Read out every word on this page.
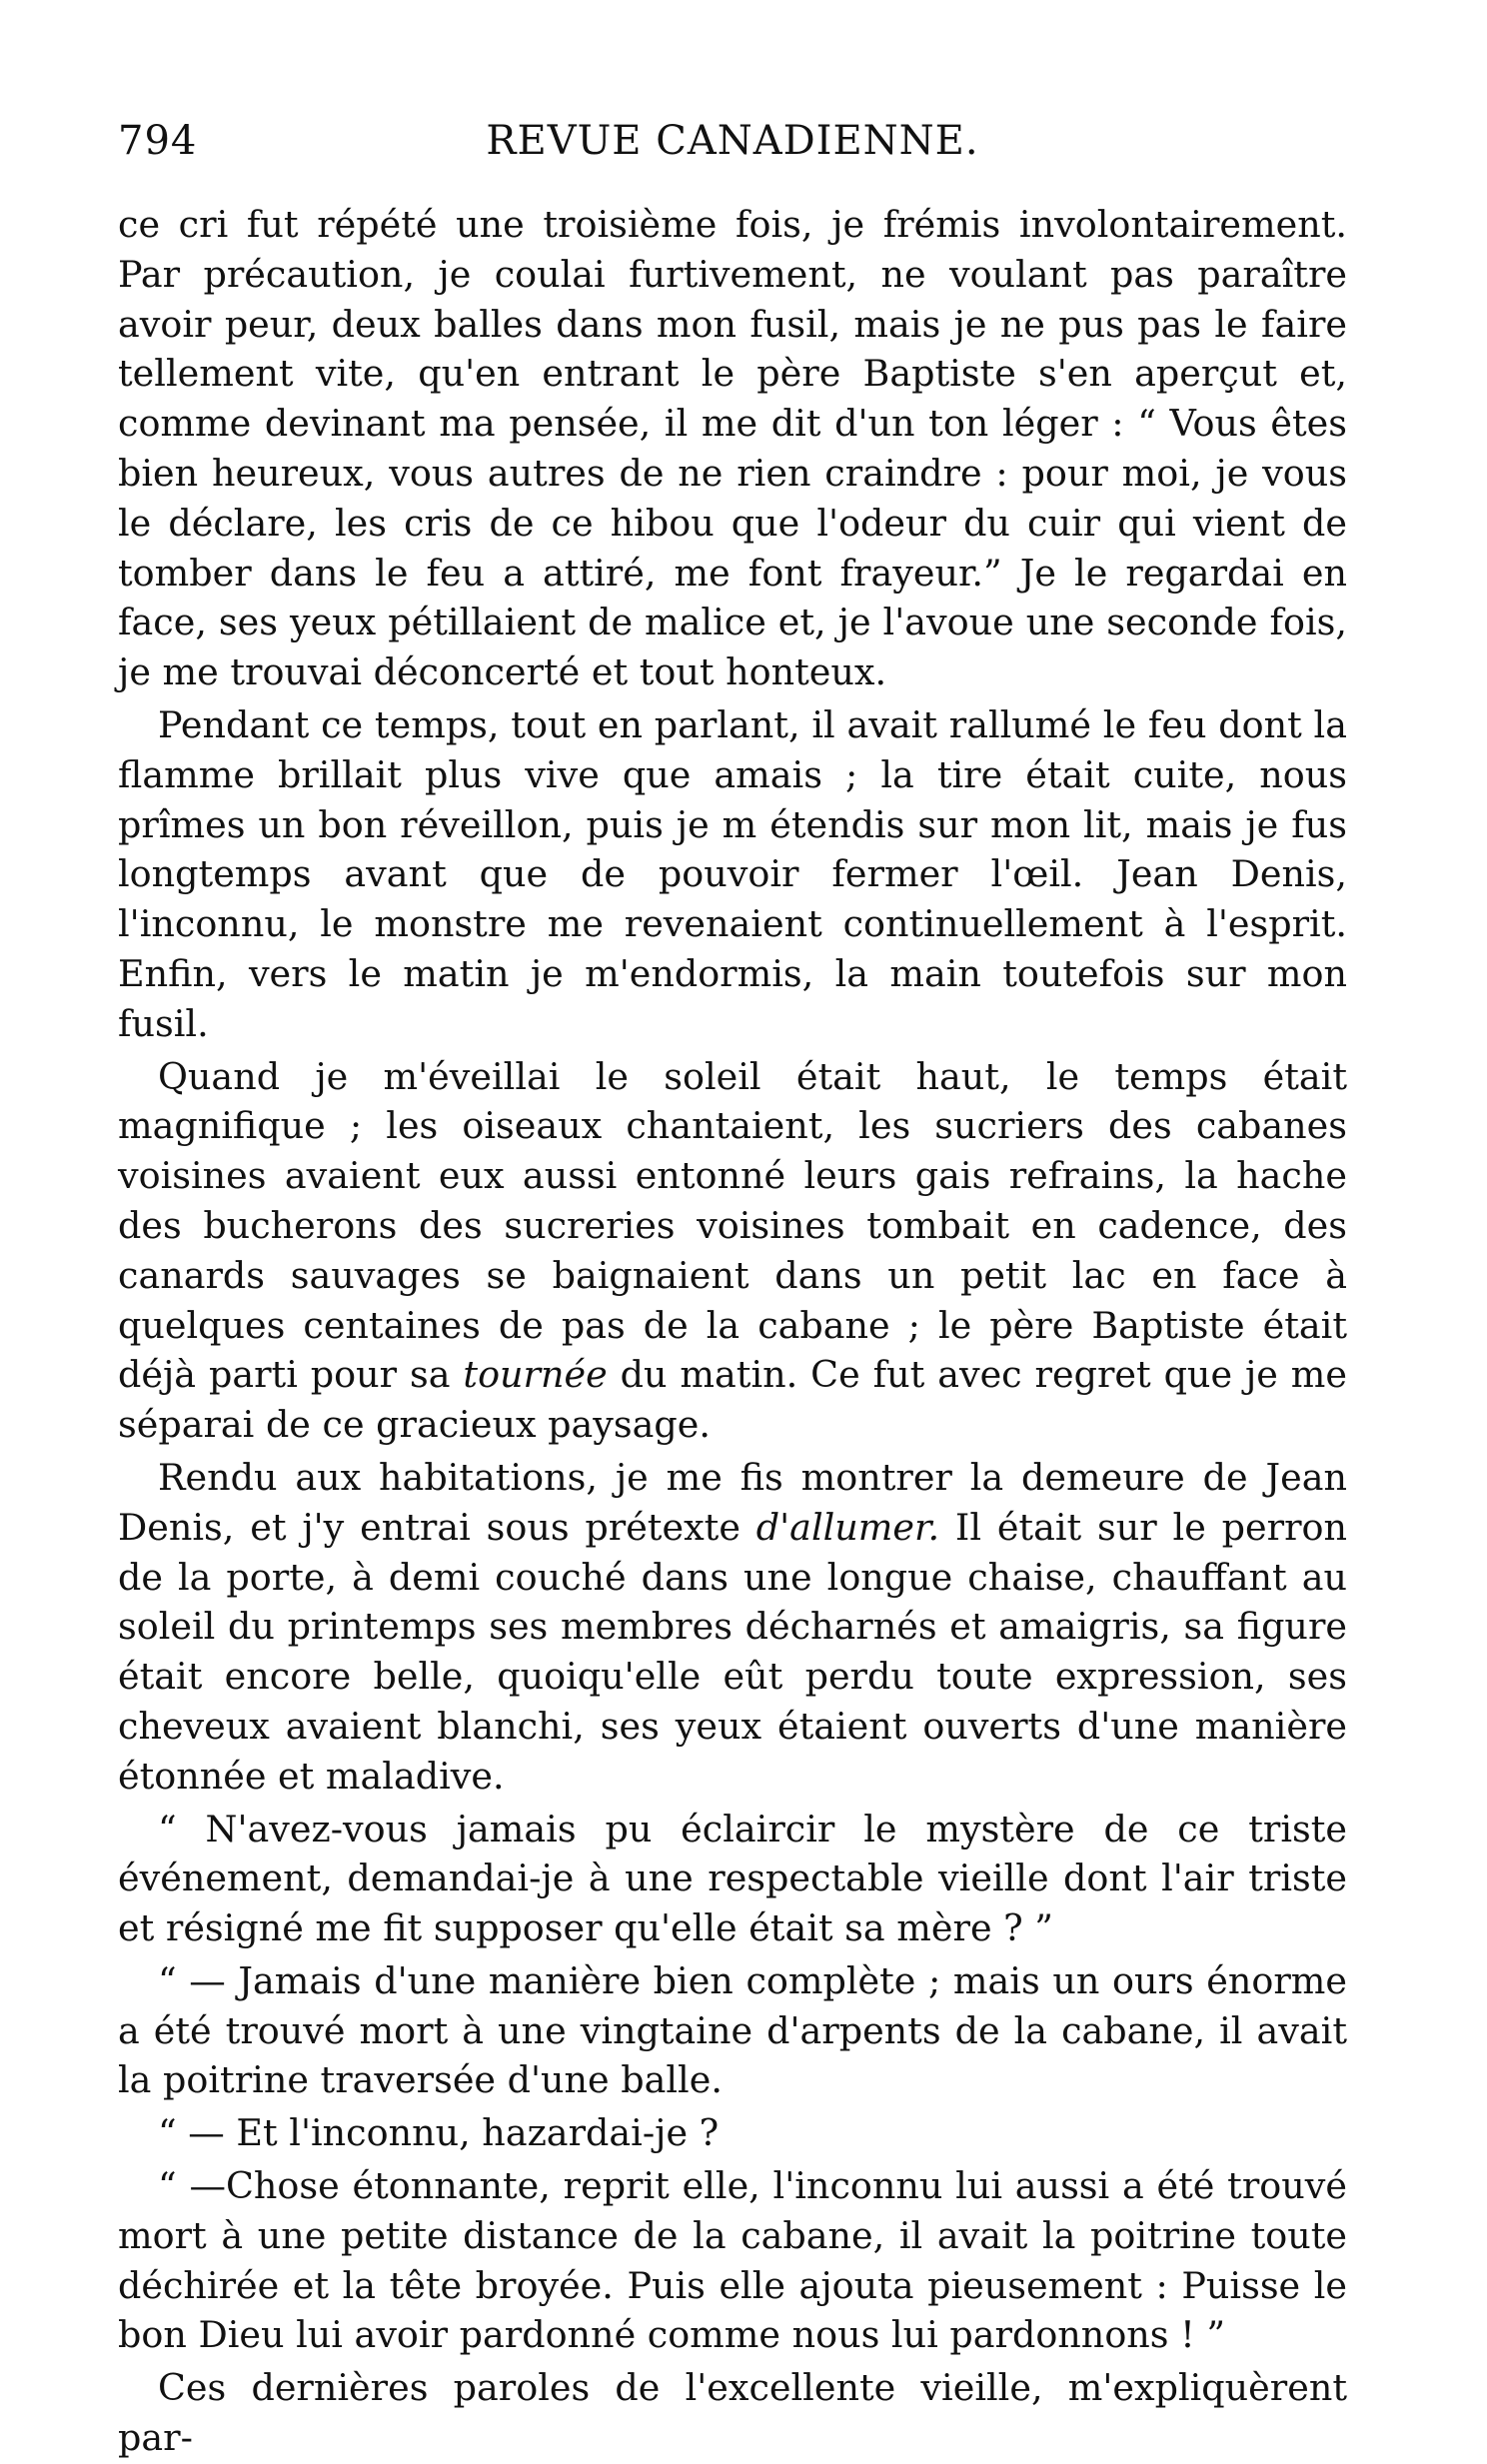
794	REVUE CANADIENNE.

ce cri fut répété une troisième fois, je frémis involontairement. Par précaution, je coulai furtivement, ne voulant pas paraître avoir peur, deux balles dans mon fusil, mais je ne pus pas le faire tellement vite, qu'en entrant le père Baptiste s'en aperçut et, comme devinant ma pensée, il me dit d'un ton léger : “ Vous êtes bien heureux, vous autres de ne rien craindre : pour moi, je vous le déclare, les cris de ce hibou que l'odeur du cuir qui vient de tomber dans le feu a attiré, me font frayeur.” Je le regardai en face, ses yeux pétillaient de malice et, je l'avoue une seconde fois, je me trouvai déconcerté et tout honteux.

Pendant ce temps, tout en parlant, il avait rallumé le feu dont la flamme brillait plus vive que amais ; la tire était cuite, nous prîmes un bon réveillon, puis je m étendis sur mon lit, mais je fus longtemps avant que de pouvoir fermer l'œil. Jean Denis, l'inconnu, le monstre me revenaient continuellement à l'esprit. Enfin, vers le matin je m'endormis, la main toutefois sur mon fusil.

Quand je m'éveillai le soleil était haut, le temps était magnifique ; les oiseaux chantaient, les sucriers des cabanes voisines avaient eux aussi entonné leurs gais refrains, la hache des bucherons des sucreries voisines tombait en cadence, des canards sauvages se baignaient dans un petit lac en face à quelques centaines de pas de la cabane ; le père Baptiste était déjà parti pour sa tournée du matin. Ce fut avec regret que je me séparai de ce gracieux paysage.

Rendu aux habitations, je me fis montrer la demeure de Jean Denis, et j'y entrai sous prétexte d'allumer. Il était sur le perron de la porte, à demi couché dans une longue chaise, chauffant au soleil du printemps ses membres décharnés et amaigris, sa figure était encore belle, quoiqu'elle eût perdu toute expression, ses cheveux avaient blanchi, ses yeux étaient ouverts d'une manière étonnée et maladive.

“ N'avez-vous jamais pu éclaircir le mystère de ce triste événement, demandai-je à une respectable vieille dont l'air triste et résigné me fit supposer qu'elle était sa mère ? ”

“ — Jamais d'une manière bien complète ; mais un ours énorme a été trouvé mort à une vingtaine d'arpents de la cabane, il avait la poitrine traversée d'une balle.

“ — Et l'inconnu, hazardai-je ?

“ —Chose étonnante, reprit elle, l'inconnu lui aussi a été trouvé mort à une petite distance de la cabane, il avait la poitrine toute déchirée et la tête broyée. Puis elle ajouta pieusement : Puisse le bon Dieu lui avoir pardonné comme nous lui pardonnons ! ”

Ces dernières paroles de l'excellente vieille, m'expliquèrent par-
